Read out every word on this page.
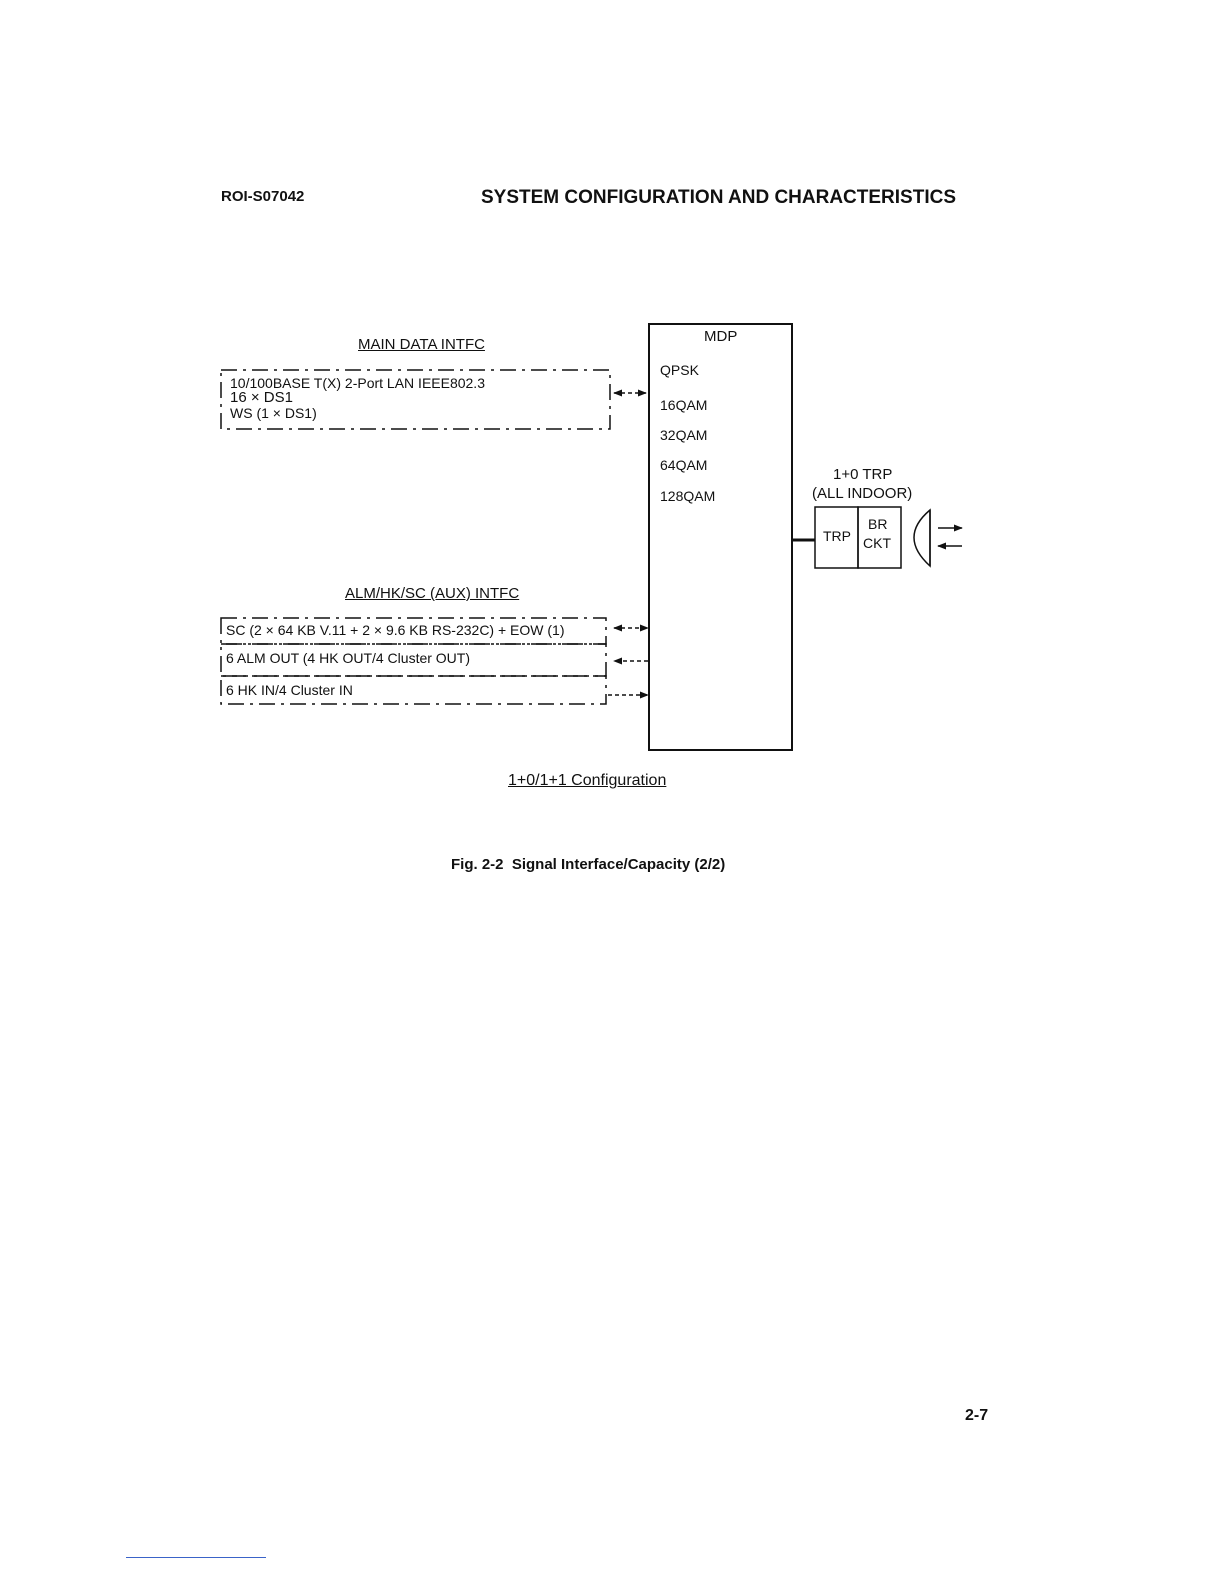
ROI-S07042	SYSTEM CONFIGURATION AND CHARACTERISTICS
MAIN DATA INTFC
10/100BASE T(X) 2-Port LAN IEEE802.3
16 × DS1
WS (1 × DS1)
ALM/HK/SC (AUX) INTFC
SC (2 × 64 KB V.11 + 2 × 9.6 KB RS-232C) + EOW (1)
6 ALM OUT (4 HK OUT/4 Cluster OUT)
6 HK IN/4 Cluster IN
MDP
QPSK
16QAM
32QAM
64QAM
128QAM
1+0 TRP
(ALL INDOOR)
TRP
BR
CKT
1+0/1+1 Configuration
Fig. 2-2  Signal Interface/Capacity (2/2)
2-7
